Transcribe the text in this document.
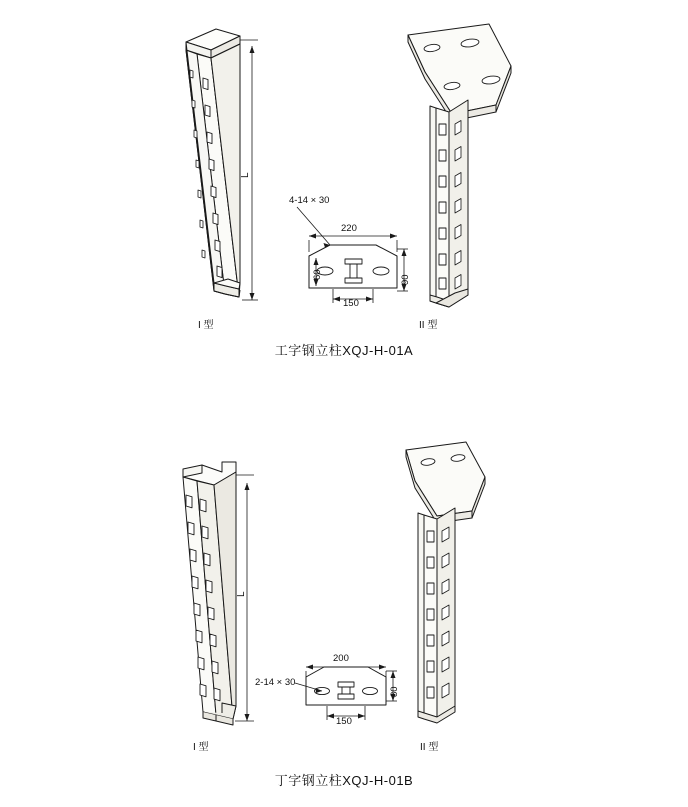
I 型	II 型
L
4-14 × 30
220
150
60	90
工字钢立柱XQJ-H-01A
I 型	II 型
L
2-14 × 30
200
150
80
丁字钢立柱XQJ-H-01B
